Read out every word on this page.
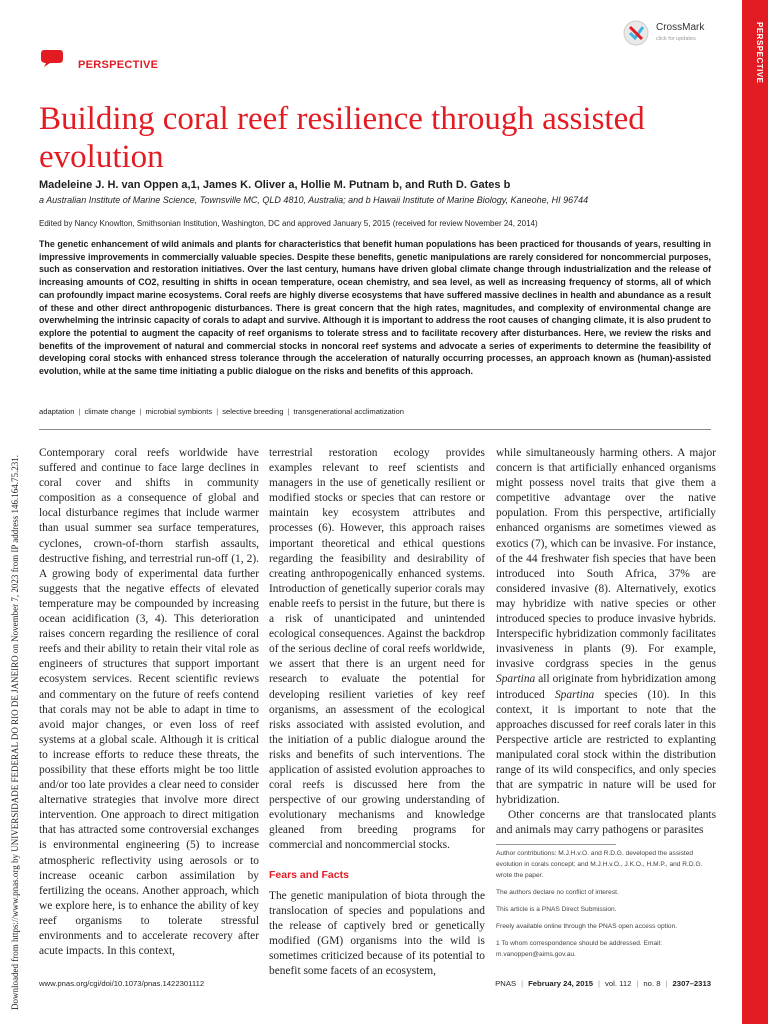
PERSPECTIVE
PERSPECTIVE
CrossMark
click for updates
Building coral reef resilience through assisted evolution
Madeleine J. H. van Oppen a,1, James K. Oliver a, Hollie M. Putnam b, and Ruth D. Gates b
a Australian Institute of Marine Science, Townsville MC, QLD 4810, Australia; and b Hawaii Institute of Marine Biology, Kaneohe, HI 96744
Edited by Nancy Knowlton, Smithsonian Institution, Washington, DC and approved January 5, 2015 (received for review November 24, 2014)
The genetic enhancement of wild animals and plants for characteristics that benefit human populations has been practiced for thousands of years, resulting in impressive improvements in commercially valuable species. Despite these benefits, genetic manipulations are rarely considered for noncommercial purposes, such as conservation and restoration initiatives. Over the last century, humans have driven global climate change through industrialization and the release of increasing amounts of CO2, resulting in shifts in ocean temperature, ocean chemistry, and sea level, as well as increasing frequency of storms, all of which can profoundly impact marine ecosystems. Coral reefs are highly diverse ecosystems that have suffered massive declines in health and abundance as a result of these and other direct anthropogenic disturbances. There is great concern that the high rates, magnitudes, and complexity of environmental change are overwhelming the intrinsic capacity of corals to adapt and survive. Although it is important to address the root causes of changing climate, it is also prudent to explore the potential to augment the capacity of reef organisms to tolerate stress and to facilitate recovery after disturbances. Here, we review the risks and benefits of the improvement of natural and commercial stocks in noncoral reef systems and advocate a series of experiments to determine the feasibility of developing coral stocks with enhanced stress tolerance through the acceleration of naturally occurring processes, an approach known as (human)-assisted evolution, while at the same time initiating a public dialogue on the risks and benefits of this approach.
adaptation | climate change | microbial symbionts | selective breeding | transgenerational acclimatization
Downloaded from https://www.pnas.org by UNIVERSIDADE FEDERAL DO RIO DE JANEIRO on November 7, 2023 from IP address 146.164.75.231.

Contemporary coral reefs worldwide have suffered and continue to face large declines in coral cover and shifts in community composition as a consequence of global and local disturbance regimes that include warmer than usual summer sea surface temperatures, cyclones, crown-of-thorn starfish assaults, destructive fishing, and terrestrial run-off (1, 2). A growing body of experimental data further suggests that the negative effects of elevated temperature may be compounded by increasing ocean acidification (3, 4). This deterioration raises concern regarding the resilience of coral reefs and their ability to retain their vital role as engineers of structures that support important ecosystem services. Recent scientific reviews and commentary on the future of reefs contend that corals may not be able to adapt in time to avoid major changes, or even loss of reef systems at a global scale. Although it is critical to increase efforts to reduce these threats, the possibility that these efforts might be too little and/or too late provides a clear need to consider alternative strategies that involve more direct intervention. One approach to direct mitigation that has attracted some controversial exchanges is environmental engineering (5) to increase atmospheric reflectivity using aerosols or to increase oceanic carbon assimilation by fertilizing the oceans. Another approach, which we explore here, is to enhance the ability of key reef organisms to tolerate stressful environments and to accelerate recovery after acute impacts. In this context,

terrestrial restoration ecology provides examples relevant to reef scientists and managers in the use of genetically resilient or modified stocks or species that can restore or maintain key ecosystem attributes and processes (6). However, this approach raises important theoretical and ethical questions regarding the feasibility and desirability of creating anthropogenically enhanced systems. Introduction of genetically superior corals may enable reefs to persist in the future, but there is a risk of unanticipated and unintended ecological consequences. Against the backdrop of the serious decline of coral reefs worldwide, we assert that there is an urgent need for research to evaluate the potential for developing resilient varieties of key reef organisms, an assessment of the ecological risks associated with assisted evolution, and the initiation of a public dialogue around the risks and benefits of such interventions. The application of assisted evolution approaches to coral reefs is discussed here from the perspective of our growing understanding of evolutionary mechanisms and knowledge gleaned from breeding programs for commercial and noncommercial stocks.

Fears and Facts

The genetic manipulation of biota through the translocation of species and populations and the release of captively bred or genetically modified (GM) organisms into the wild is sometimes criticized because of its potential to benefit some facets of an ecosystem,

while simultaneously harming others. A major concern is that artificially enhanced organisms might possess novel traits that give them a competitive advantage over the native population. From this perspective, artificially enhanced organisms are sometimes viewed as exotics (7), which can be invasive. For instance, of the 44 freshwater fish species that have been introduced into South Africa, 37% are considered invasive (8). Alternatively, exotics may hybridize with native species or other introduced species to produce invasive hybrids. Interspecific hybridization commonly facilitates invasiveness in plants (9). For example, invasive cordgrass species in the genus Spartina all originate from hybridization among introduced Spartina species (10). In this context, it is important to note that the approaches discussed for reef corals later in this Perspective article are restricted to explanting manipulated coral stock within the distribution range of its wild conspecifics, and only species that are sympatric in nature will be used for hybridization.

Other concerns are that translocated plants and animals may carry pathogens or parasites

Author contributions: M.J.H.v.O. and R.D.G. developed the assisted evolution in corals concept; and M.J.H.v.O., J.K.O., H.M.P., and R.D.G. wrote the paper.

The authors declare no conflict of interest.

This article is a PNAS Direct Submission.

Freely available online through the PNAS open access option.

1 To whom correspondence should be addressed. Email: m.vanoppen@aims.gov.au.

www.pnas.org/cgi/doi/10.1073/pnas.1422301112	PNAS | February 24, 2015 | vol. 112 | no. 8 | 2307–2313
